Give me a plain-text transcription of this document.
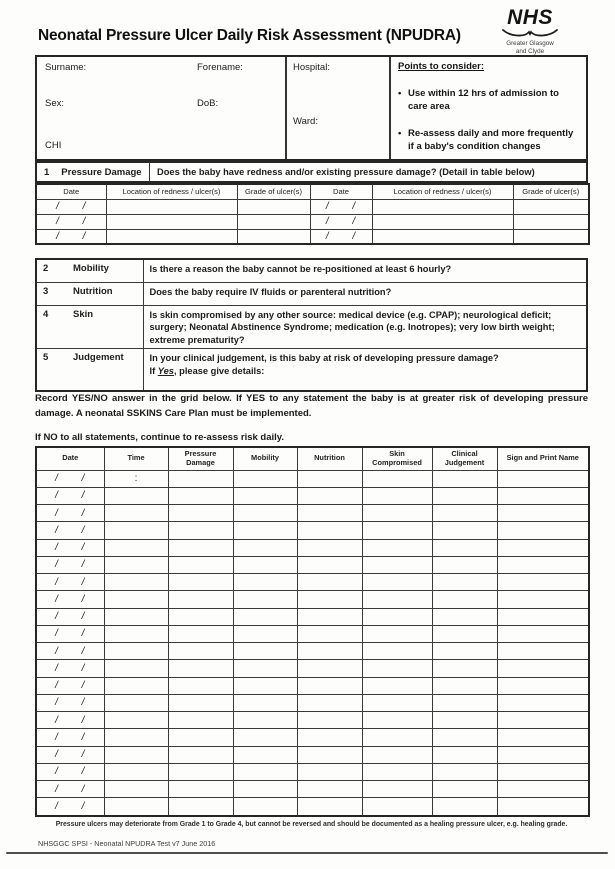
Neonatal Pressure Ulcer Daily Risk Assessment (NPUDRA)
NHS
Greater Glasgow
and Clyde
Surname:	Forename:	Hospital:
Sex:	DoB:
Ward:
CHI
Points to consider:
• Use within 12 hrs of admission to care area
• Re-assess daily and more frequently if a baby's condition changes
1 Pressure Damage Does the baby have redness and/or existing pressure damage? (Detail in table below)
Date	Location of redness / ulcer(s)	Grade of ulcer(s)	Date	Location of redness / ulcer(s)	Grade of ulcer(s)
/      /			/      /		
/      /			/      /		
/      /			/      /		
2 Mobility	Is there a reason the baby cannot be re-positioned at least 6 hourly?
3 Nutrition	Does the baby require IV fluids or parenteral nutrition?
4 Skin	Is skin compromised by any other source: medical device (e.g. CPAP); neurological deficit; surgery; Neonatal Abstinence Syndrome; medication (e.g. Inotropes); very low birth weight; extreme prematurity?
5 Judgement	In your clinical judgement, is this baby at risk of developing pressure damage?
If Yes, please give details:

Record YES/NO answer in the grid below. If YES to any statement the baby is at greater risk of developing pressure damage. A neonatal SSKINS Care Plan must be implemented.

If NO to all statements, continue to re-assess risk daily.

Date	Time	Pressure Damage	Mobility	Nutrition	Skin Compromised	Clinical Judgement	Sign and Print Name
/      /	:						
/      /							
/      /							
/      /							
/      /							
/      /							
/      /							
/      /							
/      /							
/      /							
/      /							
/      /							
/      /							
/      /							
/      /							
/      /							
/      /							
/      /							
/      /							
/      /							
Pressure ulcers may deteriorate from Grade 1 to Grade 4, but cannot be reversed and should be documented as a healing pressure ulcer, e.g. healing grade.
NHSGGC SPSI - Neonatal NPUDRA Test v7 June 2016
